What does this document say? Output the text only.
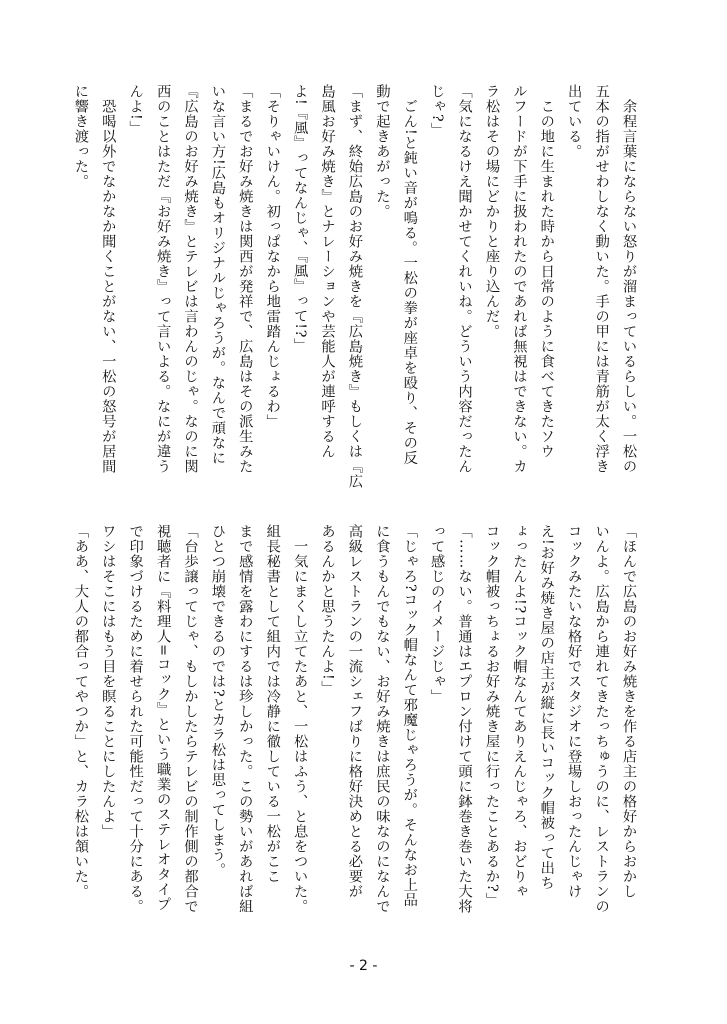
　余程言葉にならない怒りが溜まっているらしい。一松の
五本の指がせわしなく動いた。手の甲には青筋が太く浮き
出ている。
　この地に生まれた時から日常のように食べてきたソウ
ルフードが下手に扱われたのであれば無視はできない。カ
ラ松はその場にどかりと座り込んだ。
「気になるけえ聞かせてくれいね。どういう内容だったん
じゃ?」
　ごん!と鈍い音が鳴る。一松の拳が座卓を殴り、その反
動で起きあがった。
「まず、終始広島のお好み焼きを『広島焼き』もしくは『広
島風お好み焼き』とナレーションや芸能人が連呼するん
よ!『風』ってなんじゃ、『風』って!?」
「そりゃいけん。初っぱなから地雷踏んじょるわ」
「まるでお好み焼きは関西が発祥で、広島はその派生みた
いな言い方!広島もオリジナルじゃろうが。なんで頑なに
『広島のお好み焼き』とテレビは言わんのじゃ。なのに関
西のことはただ『お好み焼き』って言いよる。なにが違う
んよ!」
　恐喝以外でなかなか聞くことがない、一松の怒号が居間
に響き渡った。
「ほんで広島のお好み焼きを作る店主の格好からおかし
いんよ。広島から連れてきたっちゅうのに、レストランの
コックみたいな格好でスタジオに登場しおったんじゃけ
え!お好み焼き屋の店主が縦に長いコック帽被って出ち
ょったんよ!?コック帽なんてありえんじゃろ、おどりゃ
コック帽被っちょるお好み焼き屋に行ったことあるか?」
「……ない。普通はエプロン付けて頭に鉢巻き巻いた大将
って感じのイメージじゃ」
「じゃろ?コック帽なんて邪魔じゃろうが。そんなお上品
に食うもんでもない、お好み焼きは庶民の味なのになんで
高級レストランの一流シェフばりに格好決めとる必要が
あるんかと思うたんよ!」
　一気にまくし立てたあと、一松はふう、と息をついた。
組長秘書として組内では冷静に徹している一松がここ
まで感情を露わにするは珍しかった。この勢いがあれば組
ひとつ崩壊できるのでは?とカラ松は思ってしまう。
「台歩譲ってじゃ、もしかしたらテレビの制作側の都合で
視聴者に『料理人=コック』という職業のステレオタイプ
で印象づけるために着せられた可能性だって十分にある。
ワシはそこにはもう目を瞑ることにしたんよ」
「ああ、大人の都合ってやつか」と、カラ松は頷いた。
- 2 -
